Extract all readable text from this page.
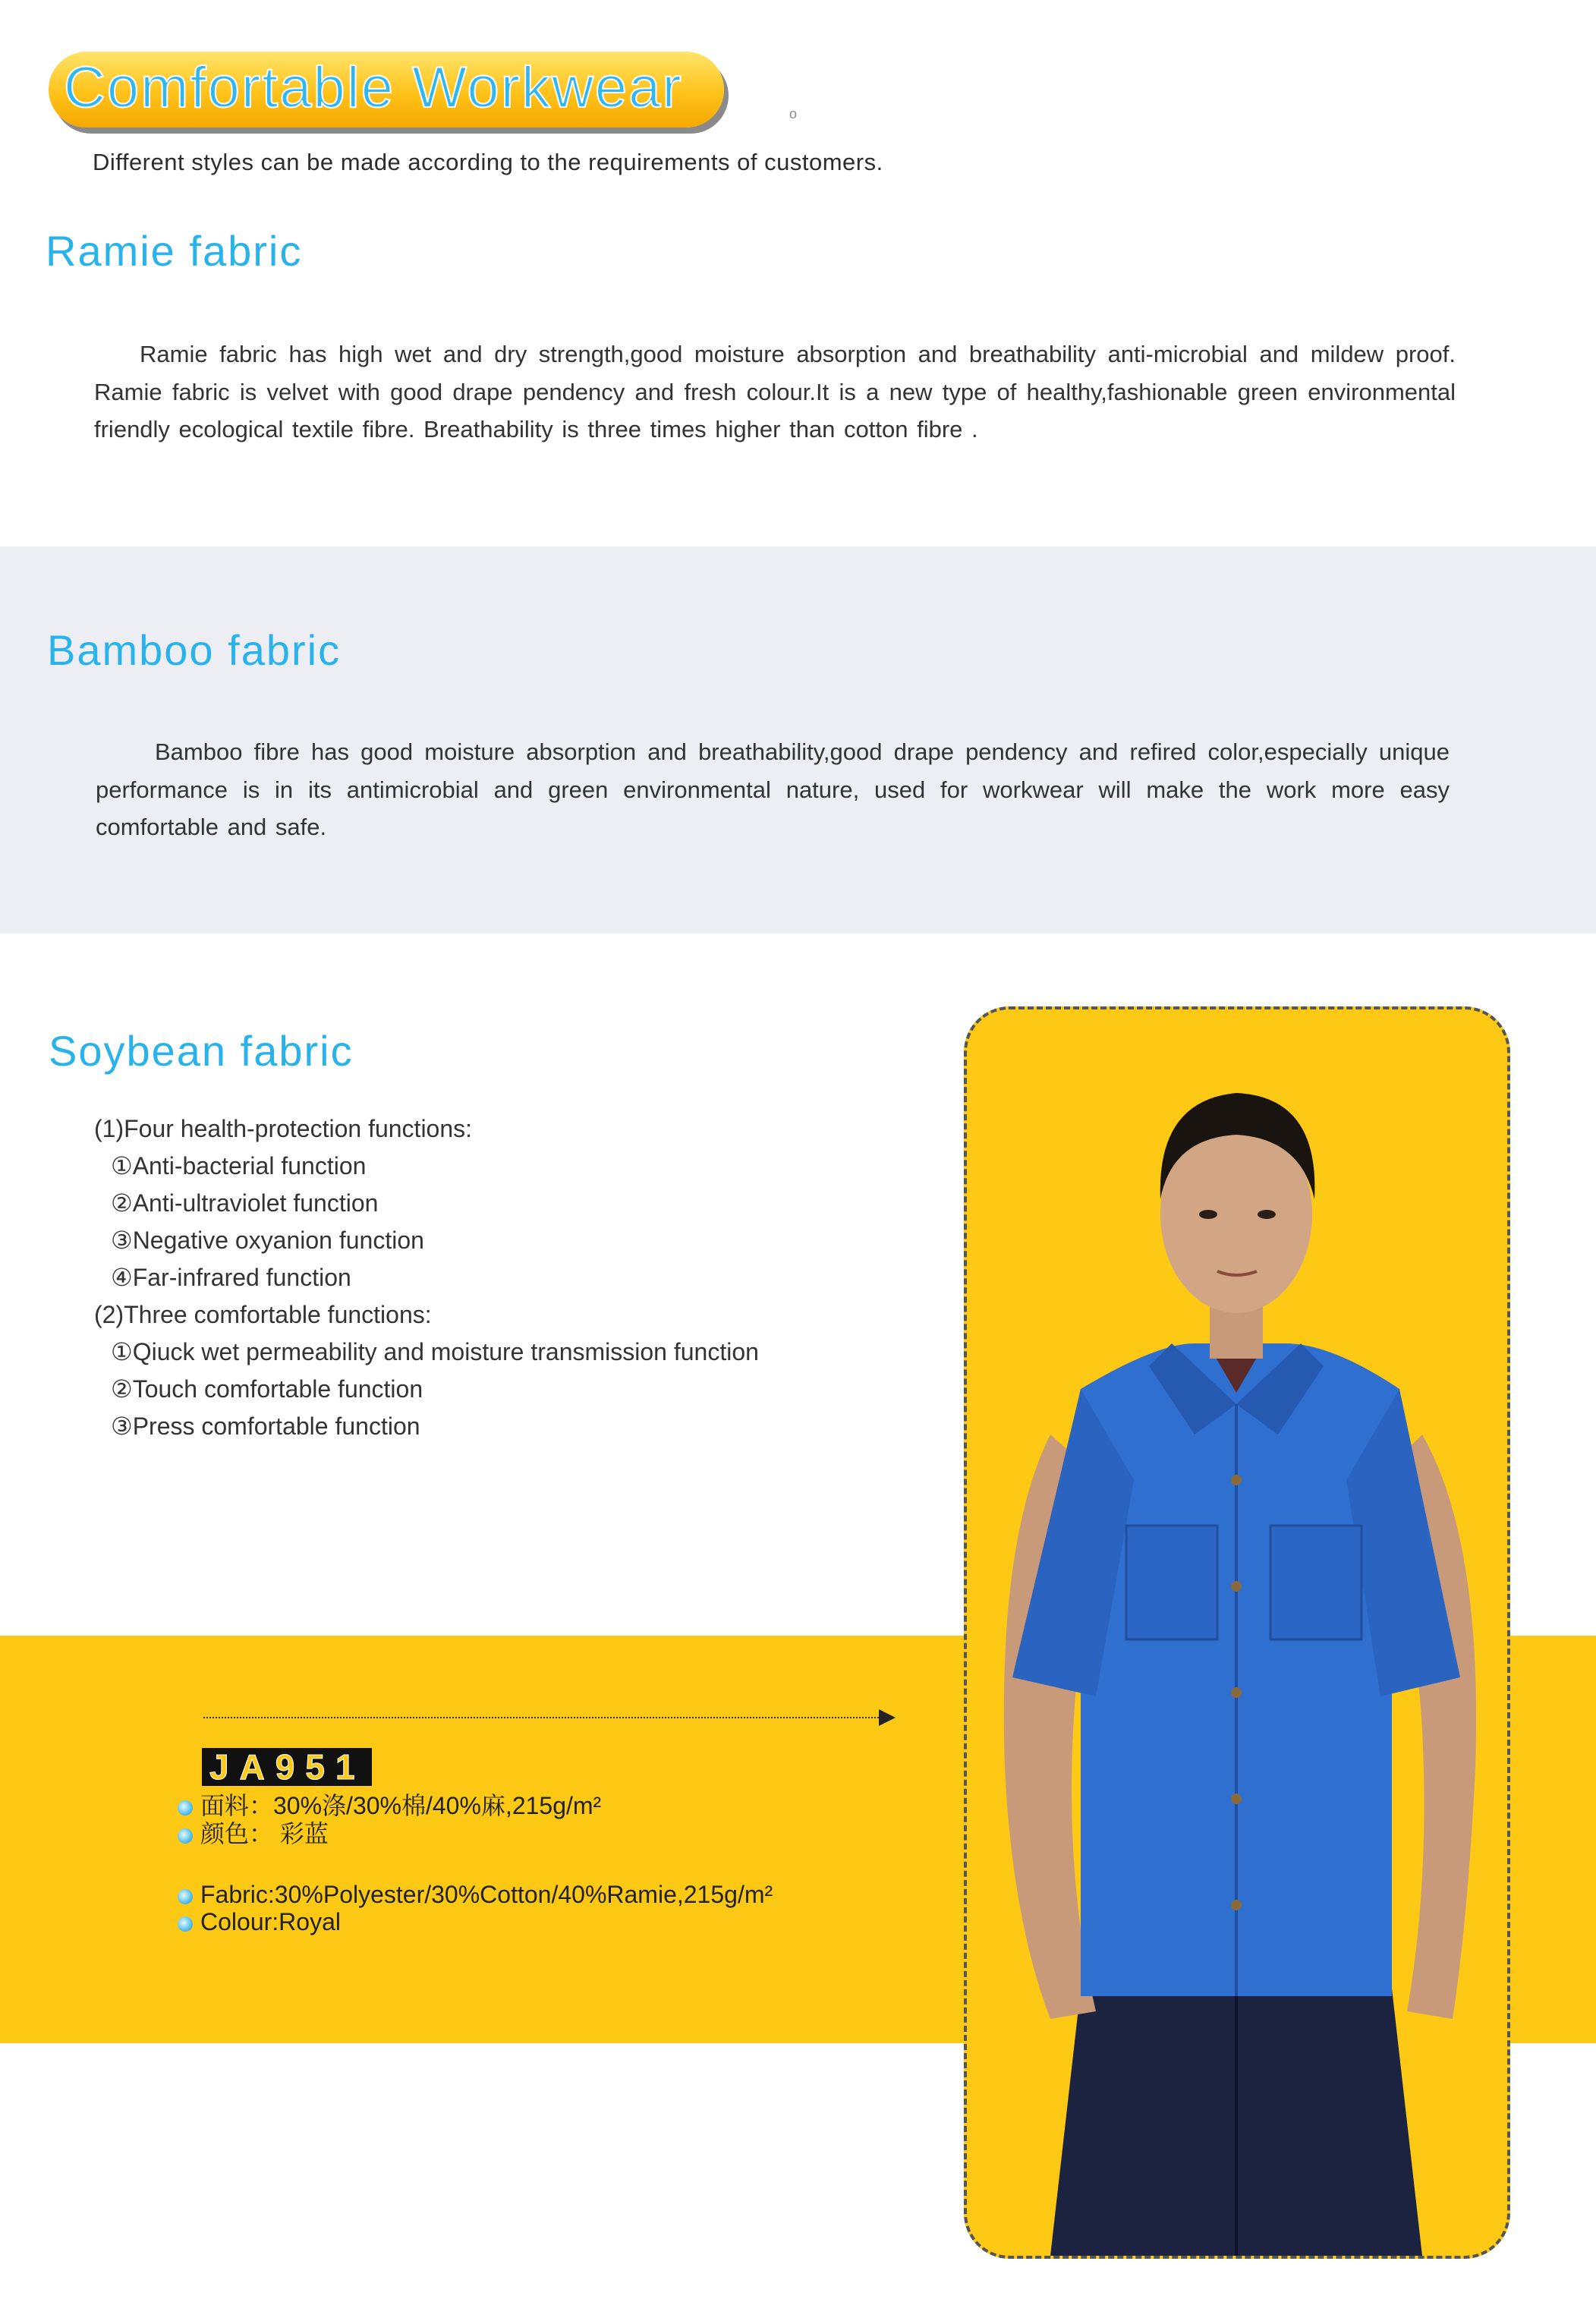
Comfortable Workwear	o
Different styles can be made according to the requirements of customers.
Ramie fabric
Ramie fabric has high wet and dry strength,good moisture absorption and breathability anti-microbial and mildew proof. Ramie fabric is velvet with good drape pendency and fresh colour.It is a new type of healthy,fashionable green environmental friendly ecological textile fibre. Breathability is three times higher than cotton fibre .
Bamboo fabric
Bamboo fibre has good moisture absorption and breathability,good drape pendency and refired color,especially unique performance is in its antimicrobial and green environmental nature, used for workwear will make the work more easy comfortable and safe.
Soybean fabric
(1)Four health-protection functions:
①Anti-bacterial function
②Anti-ultraviolet function
③Negative oxyanion function
④Far-infrared function
(2)Three comfortable functions:
①Qiuck wet permeability and moisture transmission function
②Touch comfortable function
③Press comfortable function
JA951
面料：30%涤/30%棉/40%麻,215g/m²
颜色： 彩蓝
Fabric:30%Polyester/30%Cotton/40%Ramie,215g/m²
Colour:Royal
